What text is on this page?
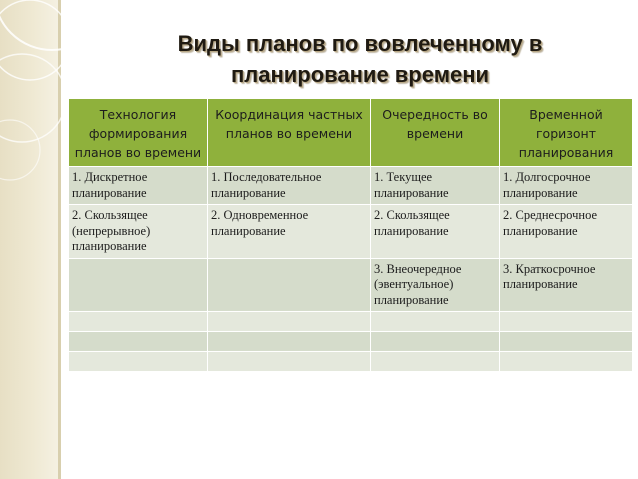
Виды планов по вовлеченному в
планирование времени
Технология формирования планов во времени	Координация частных планов во времени	Очередность во времени	Временной горизонт планирования
1. Дискретное планирование	1. Последовательное планирование	1. Текущее планирование	1. Долгосрочное планирование
2. Скользящее (непрерывное) планирование	2. Одновременное планирование	2. Скользящее планирование	2. Среднесрочное планирование
		3. Внеочередное (эвентуальное) планирование	3. Краткосрочное планирование
